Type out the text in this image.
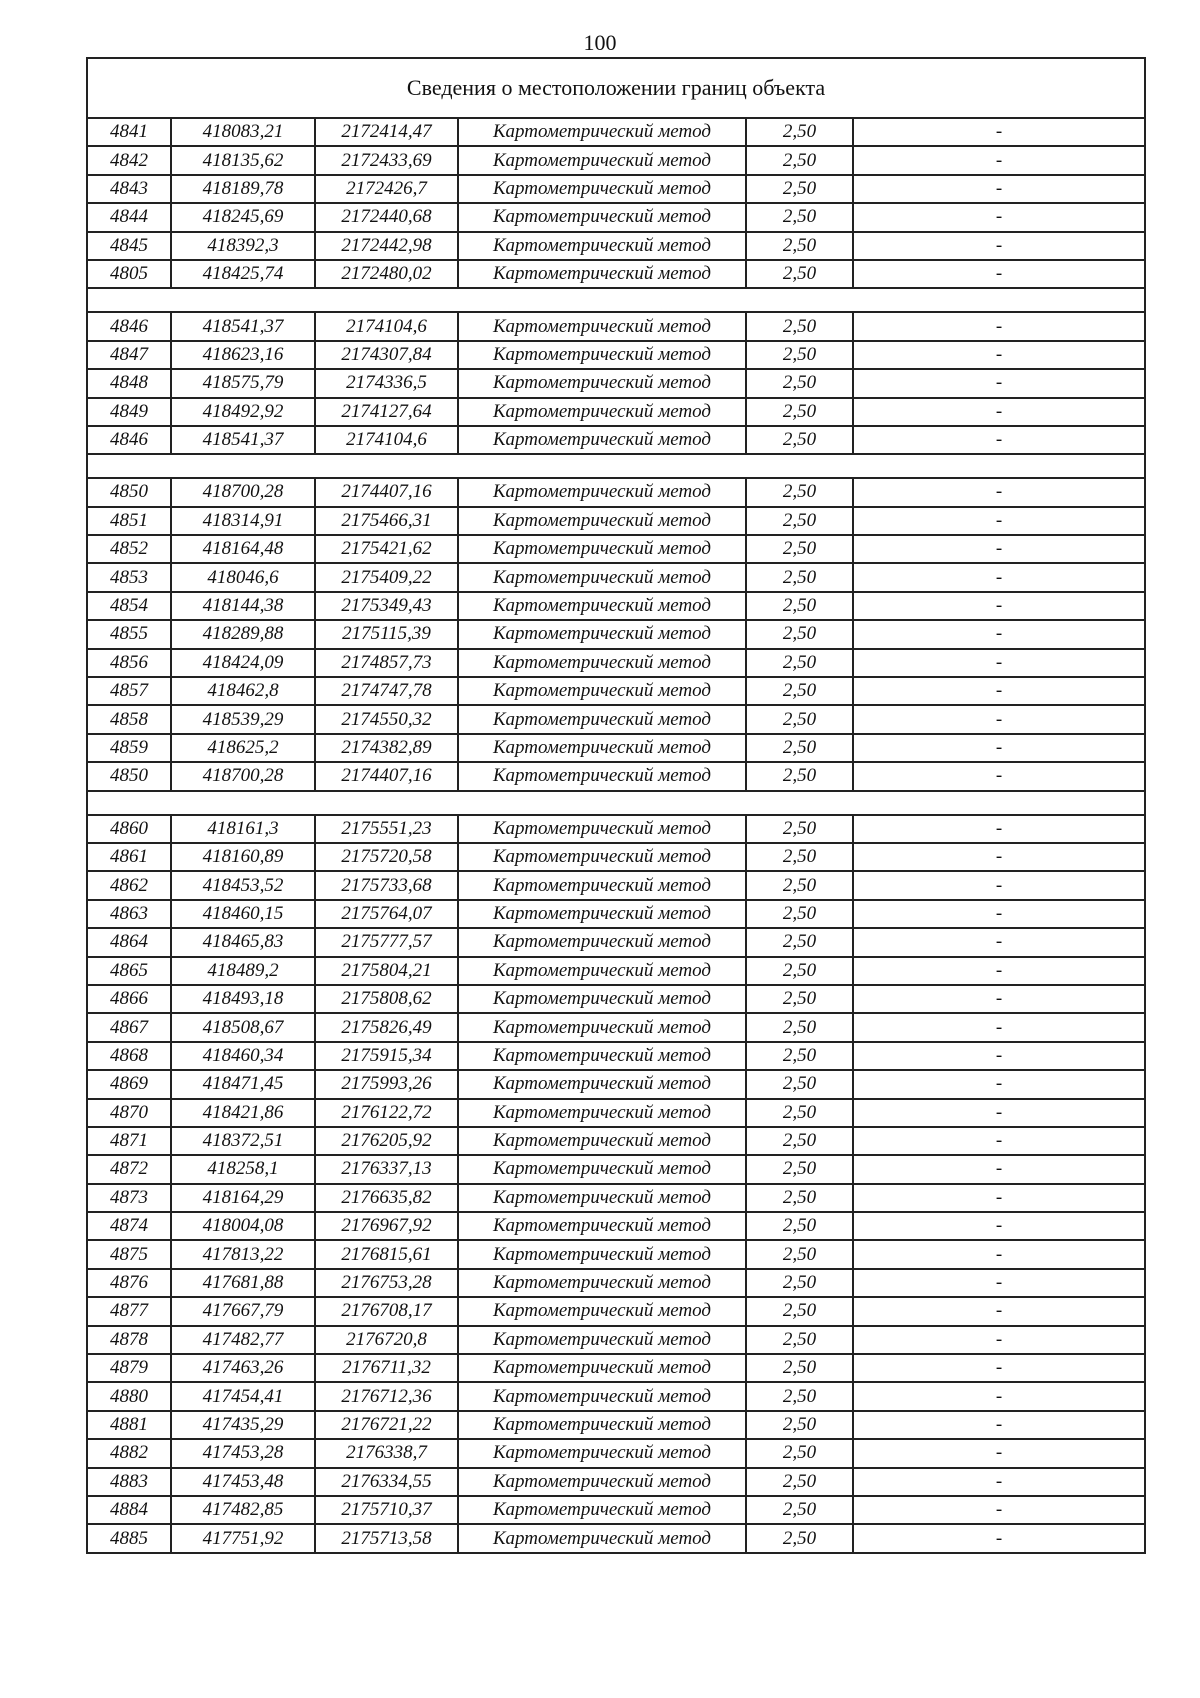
100
Сведения о местоположении границ объекта					
4841	418083,21	2172414,47	Картометрический метод	2,50	-
4842	418135,62	2172433,69	Картометрический метод	2,50	-
4843	418189,78	2172426,7	Картометрический метод	2,50	-
4844	418245,69	2172440,68	Картометрический метод	2,50	-
4845	418392,3	2172442,98	Картометрический метод	2,50	-
4805	418425,74	2172480,02	Картометрический метод	2,50	-

4846	418541,37	2174104,6	Картометрический метод	2,50	-
4847	418623,16	2174307,84	Картометрический метод	2,50	-
4848	418575,79	2174336,5	Картометрический метод	2,50	-
4849	418492,92	2174127,64	Картометрический метод	2,50	-
4846	418541,37	2174104,6	Картометрический метод	2,50	-

4850	418700,28	2174407,16	Картометрический метод	2,50	-
4851	418314,91	2175466,31	Картометрический метод	2,50	-
4852	418164,48	2175421,62	Картометрический метод	2,50	-
4853	418046,6	2175409,22	Картометрический метод	2,50	-
4854	418144,38	2175349,43	Картометрический метод	2,50	-
4855	418289,88	2175115,39	Картометрический метод	2,50	-
4856	418424,09	2174857,73	Картометрический метод	2,50	-
4857	418462,8	2174747,78	Картометрический метод	2,50	-
4858	418539,29	2174550,32	Картометрический метод	2,50	-
4859	418625,2	2174382,89	Картометрический метод	2,50	-
4850	418700,28	2174407,16	Картометрический метод	2,50	-

4860	418161,3	2175551,23	Картометрический метод	2,50	-
4861	418160,89	2175720,58	Картометрический метод	2,50	-
4862	418453,52	2175733,68	Картометрический метод	2,50	-
4863	418460,15	2175764,07	Картометрический метод	2,50	-
4864	418465,83	2175777,57	Картометрический метод	2,50	-
4865	418489,2	2175804,21	Картометрический метод	2,50	-
4866	418493,18	2175808,62	Картометрический метод	2,50	-
4867	418508,67	2175826,49	Картометрический метод	2,50	-
4868	418460,34	2175915,34	Картометрический метод	2,50	-
4869	418471,45	2175993,26	Картометрический метод	2,50	-
4870	418421,86	2176122,72	Картометрический метод	2,50	-
4871	418372,51	2176205,92	Картометрический метод	2,50	-
4872	418258,1	2176337,13	Картометрический метод	2,50	-
4873	418164,29	2176635,82	Картометрический метод	2,50	-
4874	418004,08	2176967,92	Картометрический метод	2,50	-
4875	417813,22	2176815,61	Картометрический метод	2,50	-
4876	417681,88	2176753,28	Картометрический метод	2,50	-
4877	417667,79	2176708,17	Картометрический метод	2,50	-
4878	417482,77	2176720,8	Картометрический метод	2,50	-
4879	417463,26	2176711,32	Картометрический метод	2,50	-
4880	417454,41	2176712,36	Картометрический метод	2,50	-
4881	417435,29	2176721,22	Картометрический метод	2,50	-
4882	417453,28	2176338,7	Картометрический метод	2,50	-
4883	417453,48	2176334,55	Картометрический метод	2,50	-
4884	417482,85	2175710,37	Картометрический метод	2,50	-
4885	417751,92	2175713,58	Картометрический метод	2,50	-
